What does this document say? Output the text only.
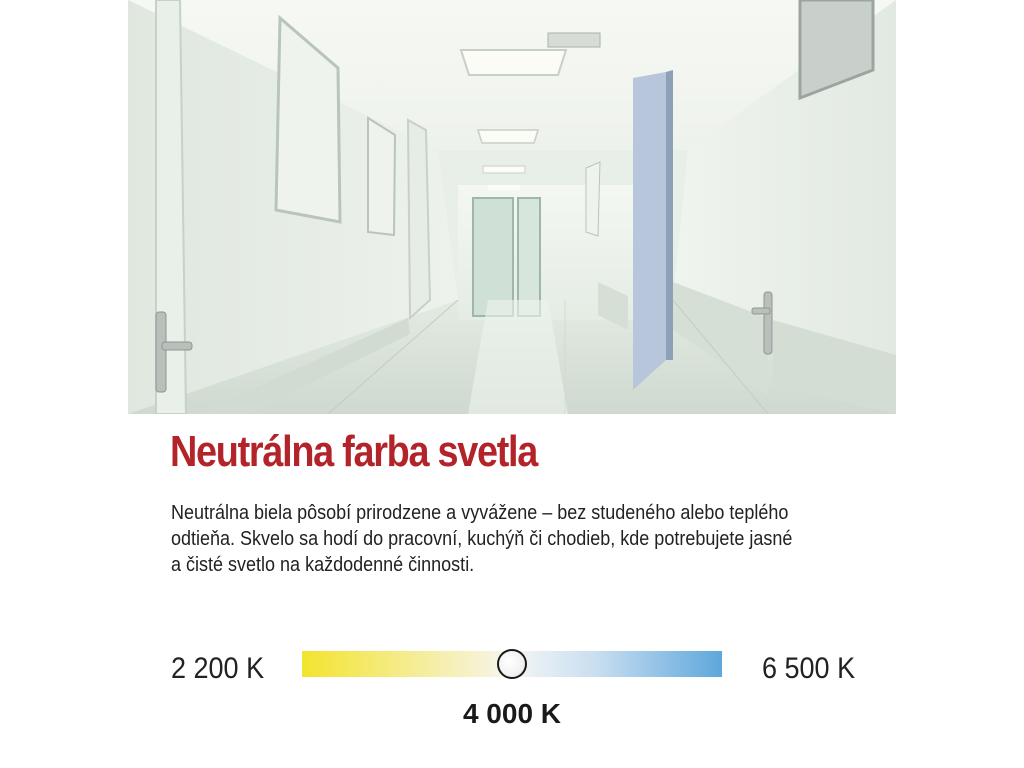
Neutrálna farba svetla

Neutrálna biela pôsobí prirodzene a vyvážene – bez studeného alebo teplého
odtieňa. Skvelo sa hodí do pracovní, kuchýň či chodieb, kde potrebujete jasné
a čisté svetlo na každodenné činnosti.

2 200 K	6 500 K
4 000 K
